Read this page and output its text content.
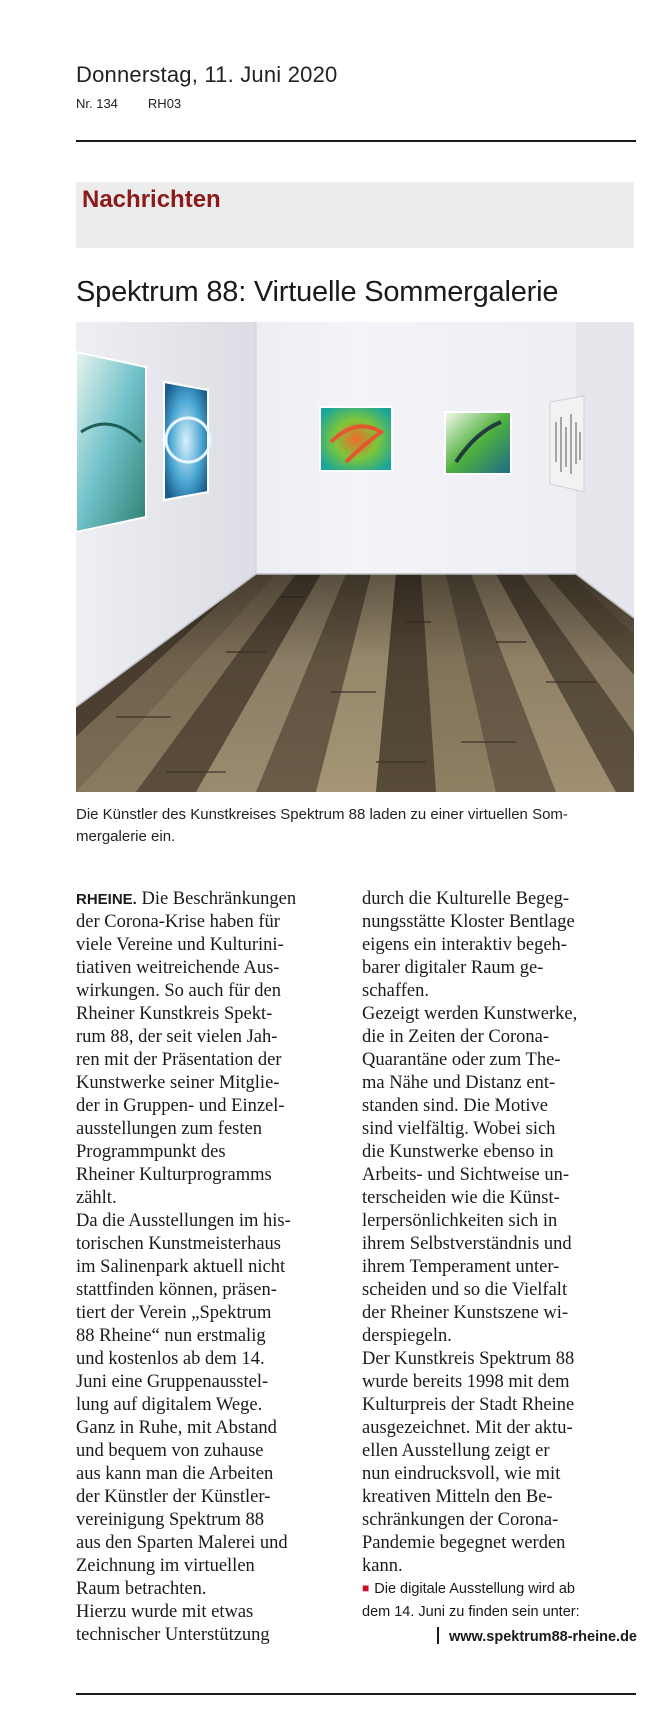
Donnerstag, 11. Juni 2020
Nr. 134 RH03
Nachrichten
Spektrum 88: Virtuelle Sommergalerie
Die Künstler des Kunstkreises Spektrum 88 laden zu einer virtuellen Som-
mergalerie ein.

RHEINE. Die Beschränkungen

der Corona-Krise haben für

viele Vereine und Kulturini-

tiativen weitreichende Aus-

wirkungen. So auch für den

Rheiner Kunstkreis Spekt-

rum 88, der seit vielen Jah-

ren mit der Präsentation der

Kunstwerke seiner Mitglie-

der in Gruppen- und Einzel-

ausstellungen zum festen

Programmpunkt des

Rheiner Kulturprogramms

zählt.

Da die Ausstellungen im his-

torischen Kunstmeisterhaus

im Salinenpark aktuell nicht

stattfinden können, präsen-

tiert der Verein „Spektrum

88 Rheine“ nun erstmalig

und kostenlos ab dem 14.

Juni eine Gruppenausstel-

lung auf digitalem Wege.

Ganz in Ruhe, mit Abstand

und bequem von zuhause

aus kann man die Arbeiten

der Künstler der Künstler-

vereinigung Spektrum 88

aus den Sparten Malerei und

Zeichnung im virtuellen

Raum betrachten.

Hierzu wurde mit etwas

technischer Unterstützung

durch die Kulturelle Begeg-

nungsstätte Kloster Bentlage

eigens ein interaktiv begeh-

barer digitaler Raum ge-

schaffen.

Gezeigt werden Kunstwerke,

die in Zeiten der Corona-

Quarantäne oder zum The-

ma Nähe und Distanz ent-

standen sind. Die Motive

sind vielfältig. Wobei sich

die Kunstwerke ebenso in

Arbeits- und Sichtweise un-

terscheiden wie die Künst-

lerpersönlichkeiten sich in

ihrem Selbstverständnis und

ihrem Temperament unter-

scheiden und so die Vielfalt

der Rheiner Kunstszene wi-

derspiegeln.

Der Kunstkreis Spektrum 88

wurde bereits 1998 mit dem

Kulturpreis der Stadt Rheine

ausgezeichnet. Mit der aktu-

ellen Ausstellung zeigt er

nun eindrucksvoll, wie mit

kreativen Mitteln den Be-

schränkungen der Corona-

Pandemie begegnet werden

kann.

■ Die digitale Ausstellung wird ab

dem 14. Juni zu finden sein unter:

www.spektrum88-rheine.de
